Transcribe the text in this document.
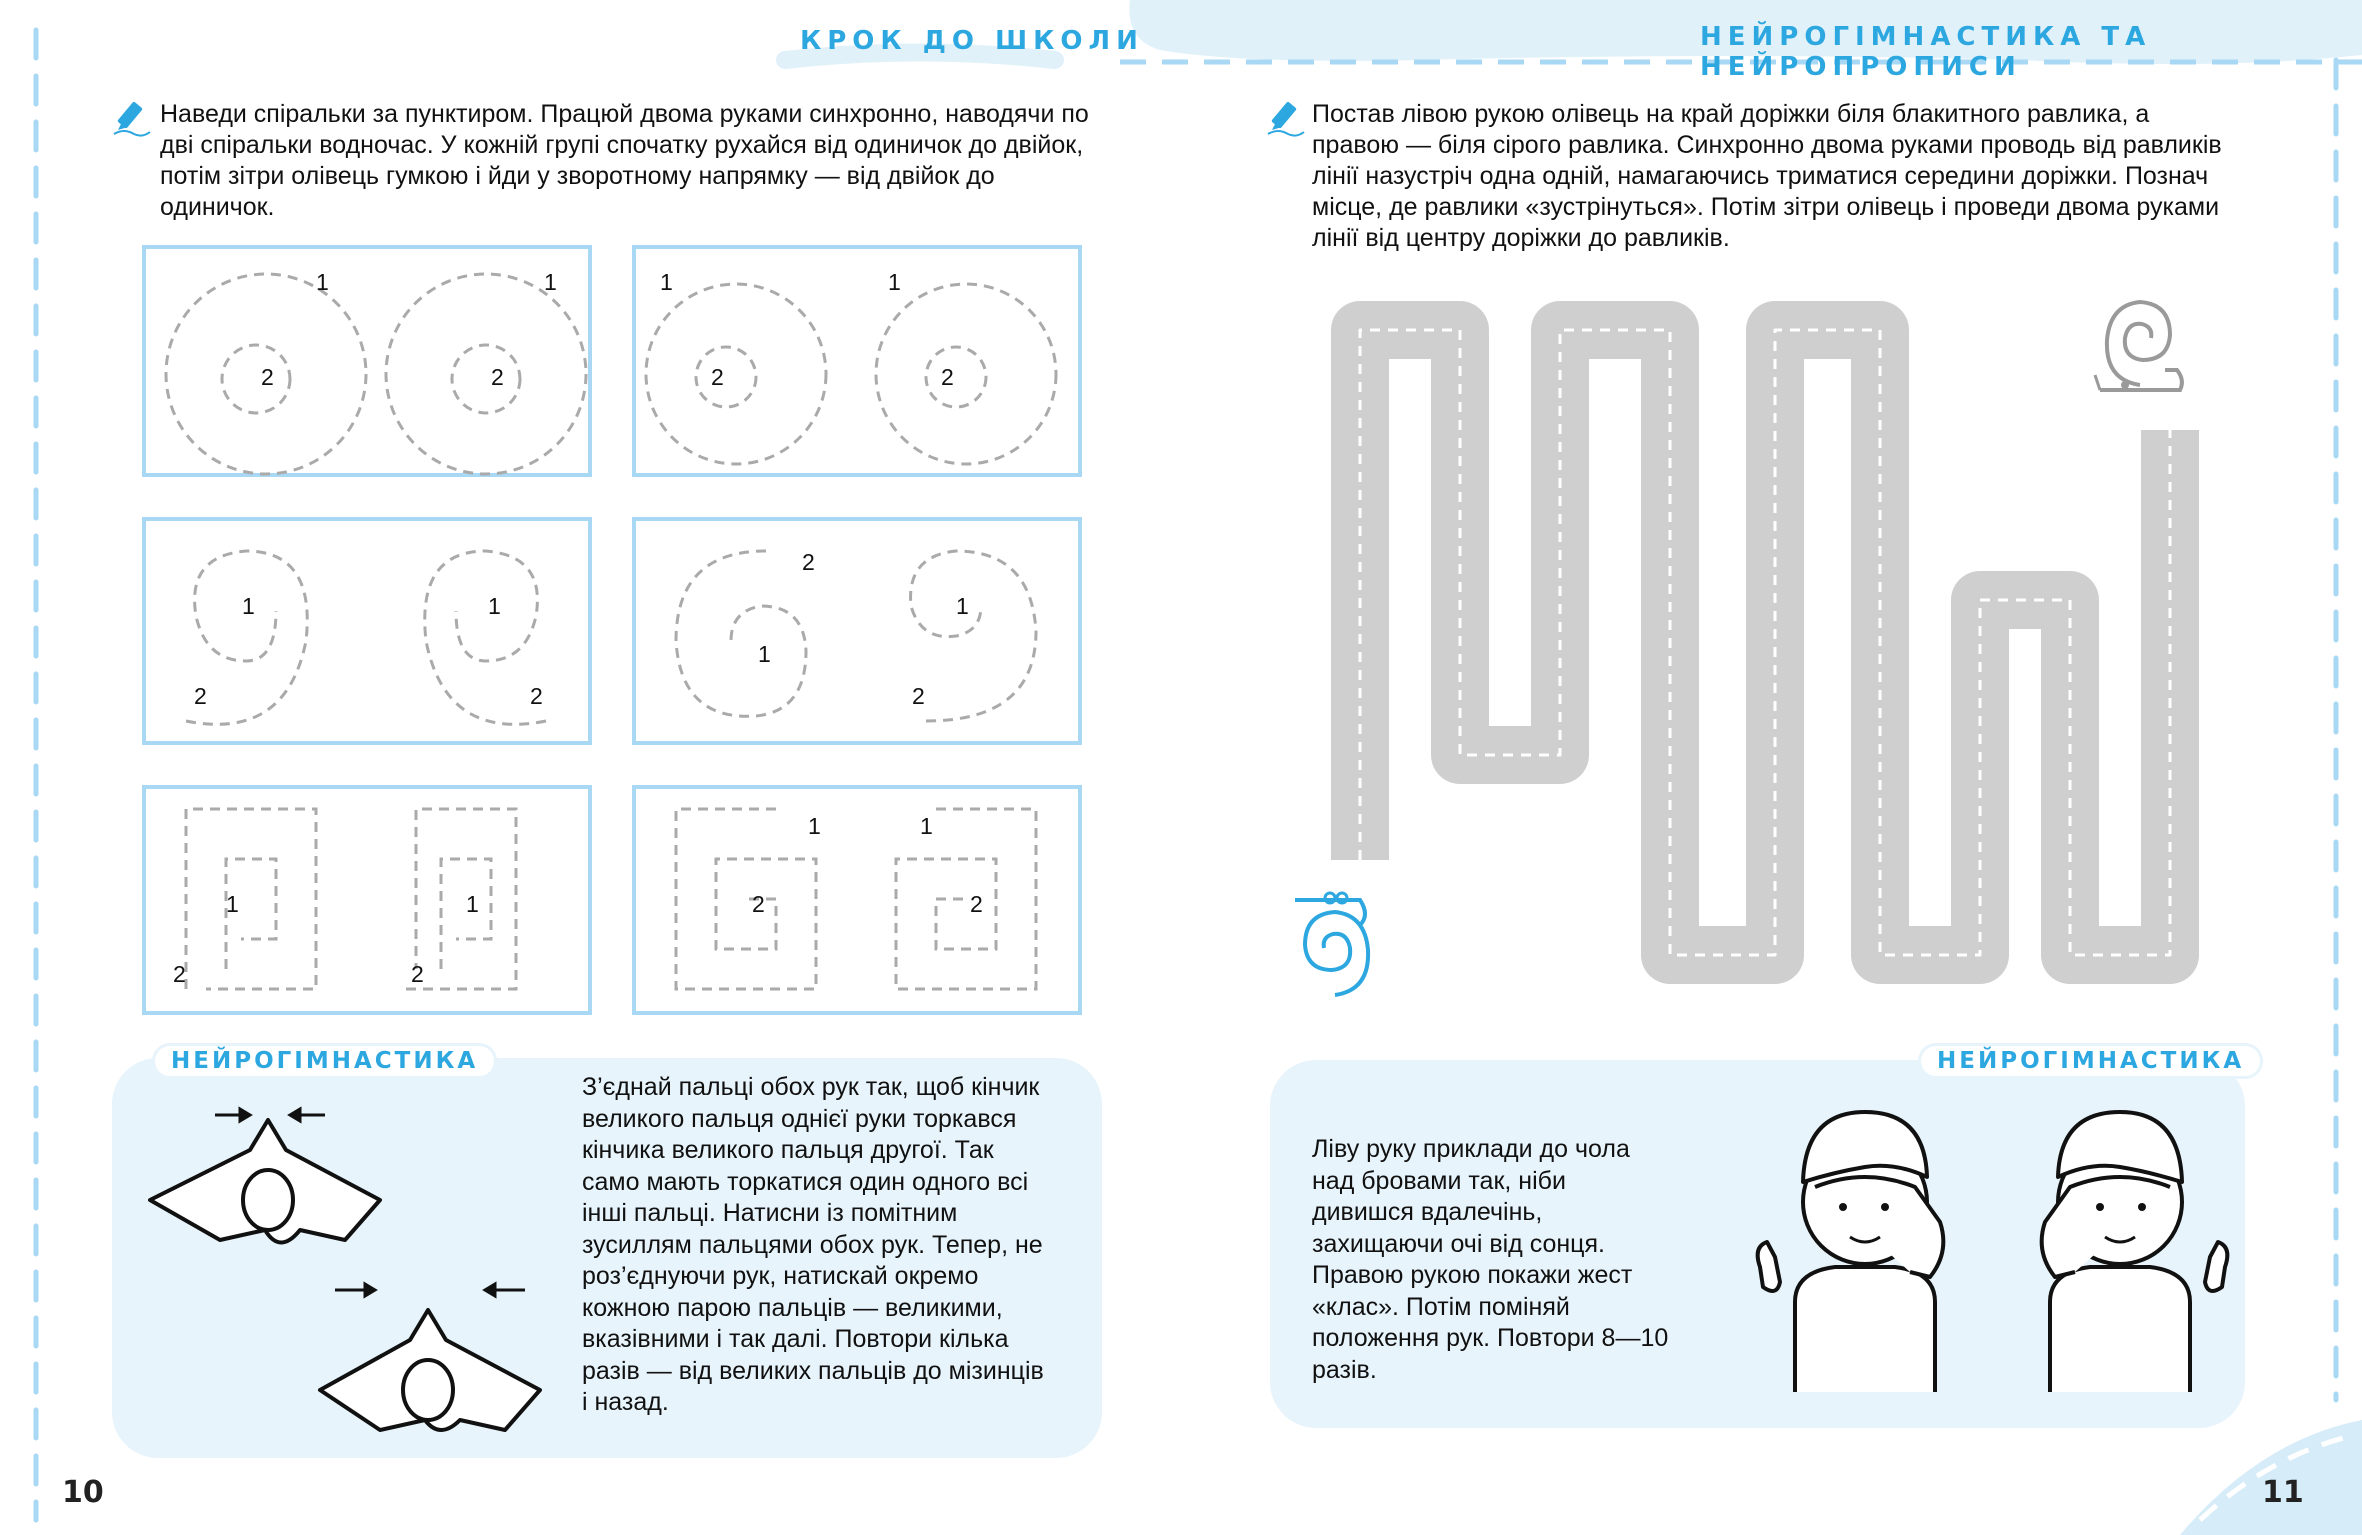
КРОК ДО ШКОЛИ	НЕЙРОГІМНАСТИКА ТА НЕЙРОПРОПИСИ
Наведи спіральки за пунктиром. Працюй двома руками синхронно, наводячи по дві спіральки водночас. У кожній групі спочатку рухайся від одиничок до двійок, потім зітри олівець гумкою і йди у зворотному напрямку — від двійок до одиничок.
Постав лівою рукою олівець на край доріжки біля блакитного равлика, а правою — біля сірого равлика. Синхронно двома руками проводь від равликів лінії назустріч одна одній, намагаючись триматися середини доріжки. Познач місце, де равлики «зустрінуться». Потім зітри олівець і проведи двома руками лінії від центру доріжки до равликів.
1
2
1
2
1
2
1
2
1
2
1
2
2
1
1
2
1
2
1
2
1
2
1
2
НЕЙРОГІМНАСТИКА
З’єднай пальці обох рук так, щоб кінчик великого пальця однієї руки торкався кінчика великого пальця другої. Так само мають торкатися один одного всі інші пальці. Натисни із помітним зусиллям пальцями обох рук. Тепер, не роз’єднуючи рук, натискай окремо кожною парою пальців — великими, вказівними і так далі. Повтори кілька разів — від великих пальців до мізинців і назад.
НЕЙРОГІМНАСТИКА
Ліву руку приклади до чола над бровами так, ніби дивишся вдалечінь, захищаючи очі від сонця. Правою рукою покажи жест «клас». Потім поміняй положення рук. Повтори 8—10 разів.
10	11
